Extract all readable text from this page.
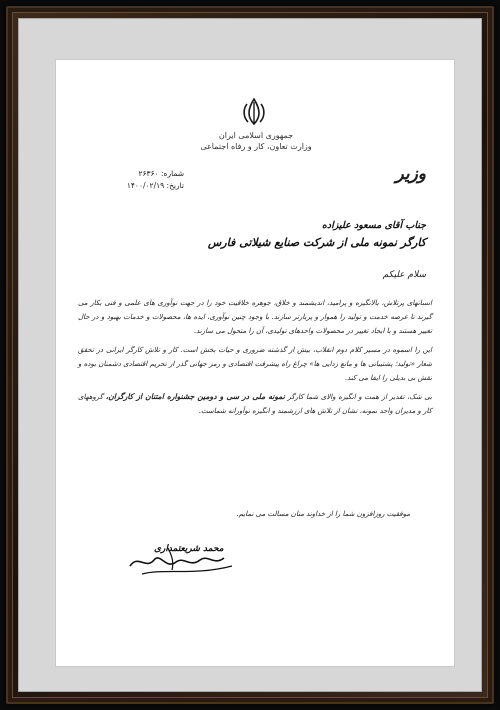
جمهوری اسلامی ایران
وزارت تعاون، کار و رفاه اجتماعی
وزیر
شماره: ۲۶۳۶۰
تاریخ: ۱۴۰۰/۰۲/۱۹
جناب آقای مسعود علیزاده
کارگر نمونه ملی از شرکت صنایع شیلاتی فارس
سلام علیکم

انسانهای پرتلاش، بالانگیزه و پرامید، اندیشمند و خلاق، جوهره خلاقیت خود را در جهت نوآوری های علمی و فنی بکار می گیرند تا عرصه خدمت و تولید را هموار و پربارتر سازند. با وجود چنین نوآوری، ایده ها، محصولات و خدمات بهبود و در حال تغییر هستند و با ایجاد تغییر در محصولات واحدهای تولیدی، آن را متحول می سازند.

این را اسموه در مسیر کلام دوم انقلاب، بیش از گذشته ضروری و حیات بخش است. کار و تلاش کارگر ایرانی در تحقق شعار «تولید؛ پشتیبانی ها و مانع زدایی ها» چراغ راه پیشرفت اقتصادی و رمز جهانی گذر از تحریم اقتصادی دشمنان بوده و نقش بی بدیلی را ایفا می کند.

بی شک، تقدیر از همت و انگیزه والای شما کارگر نمونه ملی در سی و دومین جشنواره امتنان از کارگران، گروههای کار و مدیران واحد نمونه، نشان از تلاش های ارزشمند و انگیزه نوآورانه شماست.

موفقیت روزافزون شما را از خداوند منان مسالت می نمایم.
محمد شریعتمداری
